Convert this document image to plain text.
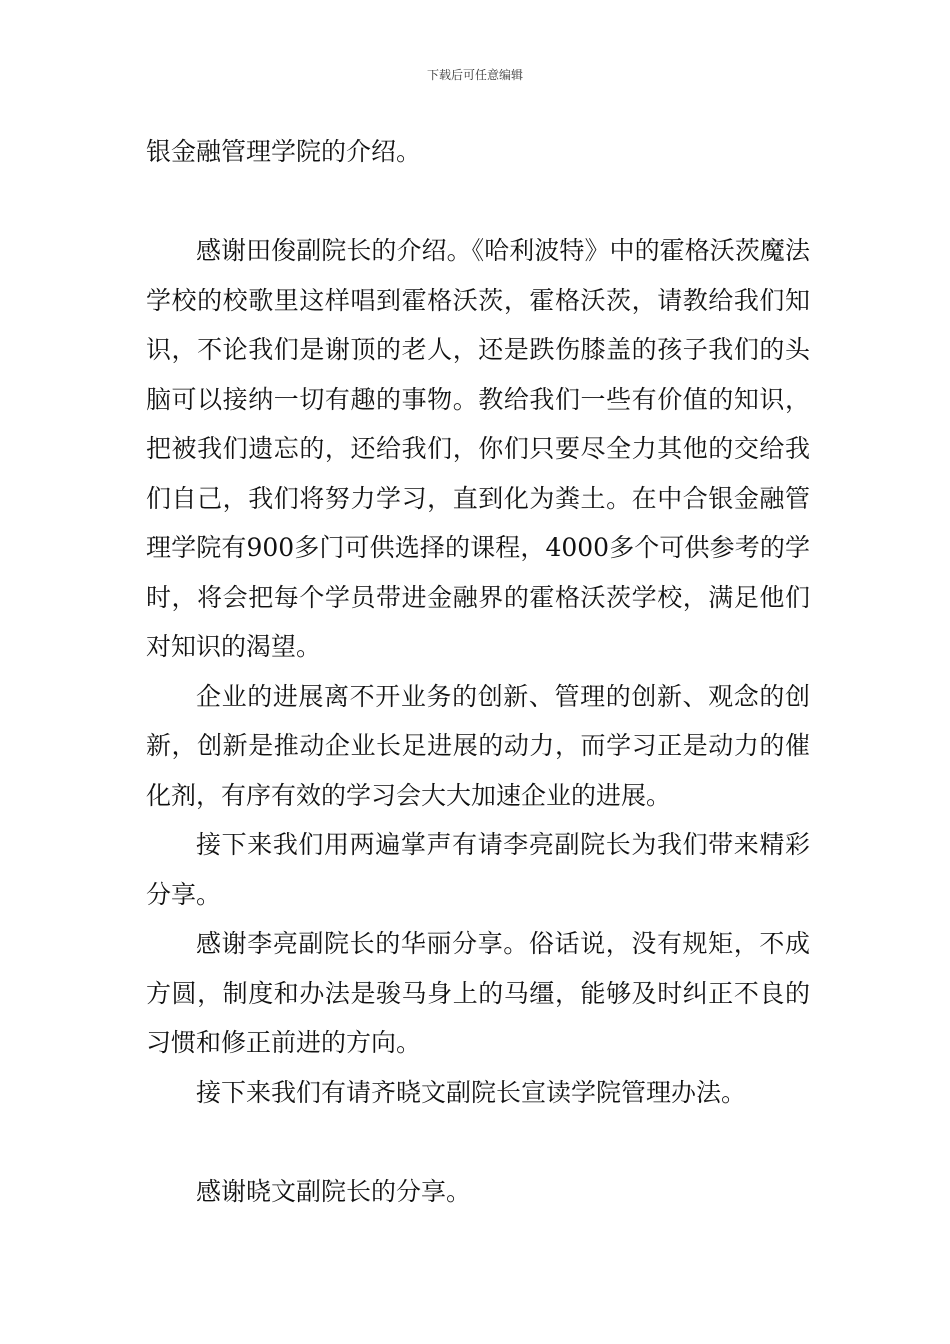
下载后可任意编辑

银金融管理学院的介绍。

感谢田俊副院长的介绍。《哈利波特》中的霍格沃茨魔法学校的校歌里这样唱到霍格沃茨，霍格沃茨，请教给我们知识，不论我们是谢顶的老人，还是跌伤膝盖的孩子我们的头脑可以接纳一切有趣的事物。教给我们一些有价值的知识，把被我们遗忘的，还给我们，你们只要尽全力其他的交给我们自己，我们将努力学习，直到化为粪土。在中合银金融管理学院有900多门可供选择的课程，4000多个可供参考的学时，将会把每个学员带进金融界的霍格沃茨学校，满足他们对知识的渴望。

企业的进展离不开业务的创新、管理的创新、观念的创新，创新是推动企业长足进展的动力，而学习正是动力的催化剂，有序有效的学习会大大加速企业的进展。

接下来我们用两遍掌声有请李亮副院长为我们带来精彩分享。

感谢李亮副院长的华丽分享。俗话说，没有规矩，不成方圆，制度和办法是骏马身上的马缰，能够及时纠正不良的习惯和修正前进的方向。

接下来我们有请齐晓文副院长宣读学院管理办法。

感谢晓文副院长的分享。
